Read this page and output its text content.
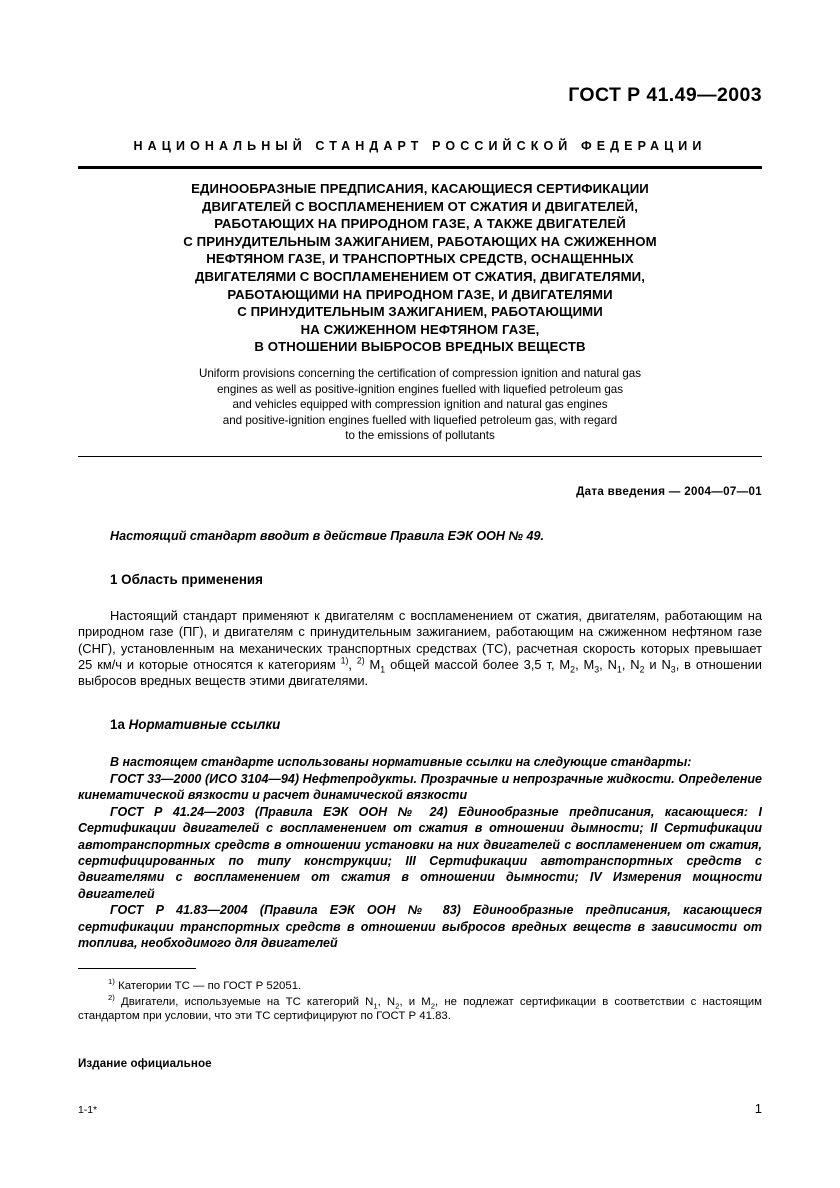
ГОСТ Р 41.49—2003
НАЦИОНАЛЬНЫЙ СТАНДАРТ РОССИЙСКОЙ ФЕДЕРАЦИИ
ЕДИНООБРАЗНЫЕ ПРЕДПИСАНИЯ, КАСАЮЩИЕСЯ СЕРТИФИКАЦИИ
ДВИГАТЕЛЕЙ С ВОСПЛАМЕНЕНИЕМ ОТ СЖАТИЯ И ДВИГАТЕЛЕЙ,
РАБОТАЮЩИХ НА ПРИРОДНОМ ГАЗЕ, А ТАКЖЕ ДВИГАТЕЛЕЙ
С ПРИНУДИТЕЛЬНЫМ ЗАЖИГАНИЕМ, РАБОТАЮЩИХ НА СЖИЖЕННОМ
НЕФТЯНОМ ГАЗЕ, И ТРАНСПОРТНЫХ СРЕДСТВ, ОСНАЩЕННЫХ
ДВИГАТЕЛЯМИ С ВОСПЛАМЕНЕНИЕМ ОТ СЖАТИЯ, ДВИГАТЕЛЯМИ,
РАБОТАЮЩИМИ НА ПРИРОДНОМ ГАЗЕ, И ДВИГАТЕЛЯМИ
С ПРИНУДИТЕЛЬНЫМ ЗАЖИГАНИЕМ, РАБОТАЮЩИМИ
НА СЖИЖЕННОМ НЕФТЯНОМ ГАЗЕ,
В ОТНОШЕНИИ ВЫБРОСОВ ВРЕДНЫХ ВЕЩЕСТВ
Uniform provisions concerning the certification of compression ignition and natural gas
engines as well as positive-ignition engines fuelled with liquefied petroleum gas
and vehicles equipped with compression ignition and natural gas engines
and positive-ignition engines fuelled with liquefied petroleum gas, with regard
to the emissions of pollutants
Дата введения — 2004—07—01
Настоящий стандарт вводит в действие Правила ЕЭК ООН № 49.
1 Область применения

Настоящий стандарт применяют к двигателям с воспламенением от сжатия, двигателям, работающим на природном газе (ПГ), и двигателям с принудительным зажиганием, работающим на сжиженном нефтяном газе (СНГ), установленным на механических транспортных средствах (ТС), расчетная скорость которых превышает 25 км/ч и которые относятся к категориям $^{1)}$, $^{2)}$ $M_1$ общей массой более 3,5 т, $M_2$, $M_3$, $N_1$, $N_2$ и $N_3$, в отношении выбросов вредных веществ этими двигателями.

1а Нормативные ссылки

В настоящем стандарте использованы нормативные ссылки на следующие стандарты:

ГОСТ 33—2000 (ИСО 3104—94) Нефтепродукты. Прозрачные и непрозрачные жидкости. Определение кинематической вязкости и расчет динамической вязкости

ГОСТ Р 41.24—2003 (Правила ЕЭК ООН № 24) Единообразные предписания, касающиеся: I Сертификации двигателей с воспламенением от сжатия в отношении дымности; II Сертификации автотранспортных средств в отношении установки на них двигателей с воспламенением от сжатия, сертифицированных по типу конструкции; III Сертификации автотранспортных средств с двигателями с воспламенением от сжатия в отношении дымности; IV Измерения мощности двигателей

ГОСТ Р 41.83—2004 (Правила ЕЭК ООН № 83) Единообразные предписания, касающиеся сертификации транспортных средств в отношении выбросов вредных веществ в зависимости от топлива, необходимого для двигателей

$^{1)}$ Категории ТС — по ГОСТ Р 52051.

$^{2)}$ Двигатели, используемые на ТС категорий $N_1$, $N_2$, и $M_2$, не подлежат сертификации в соответствии с настоящим стандартом при условии, что эти ТС сертифицируют по ГОСТ Р 41.83.

Издание официальное
1-1*	1
